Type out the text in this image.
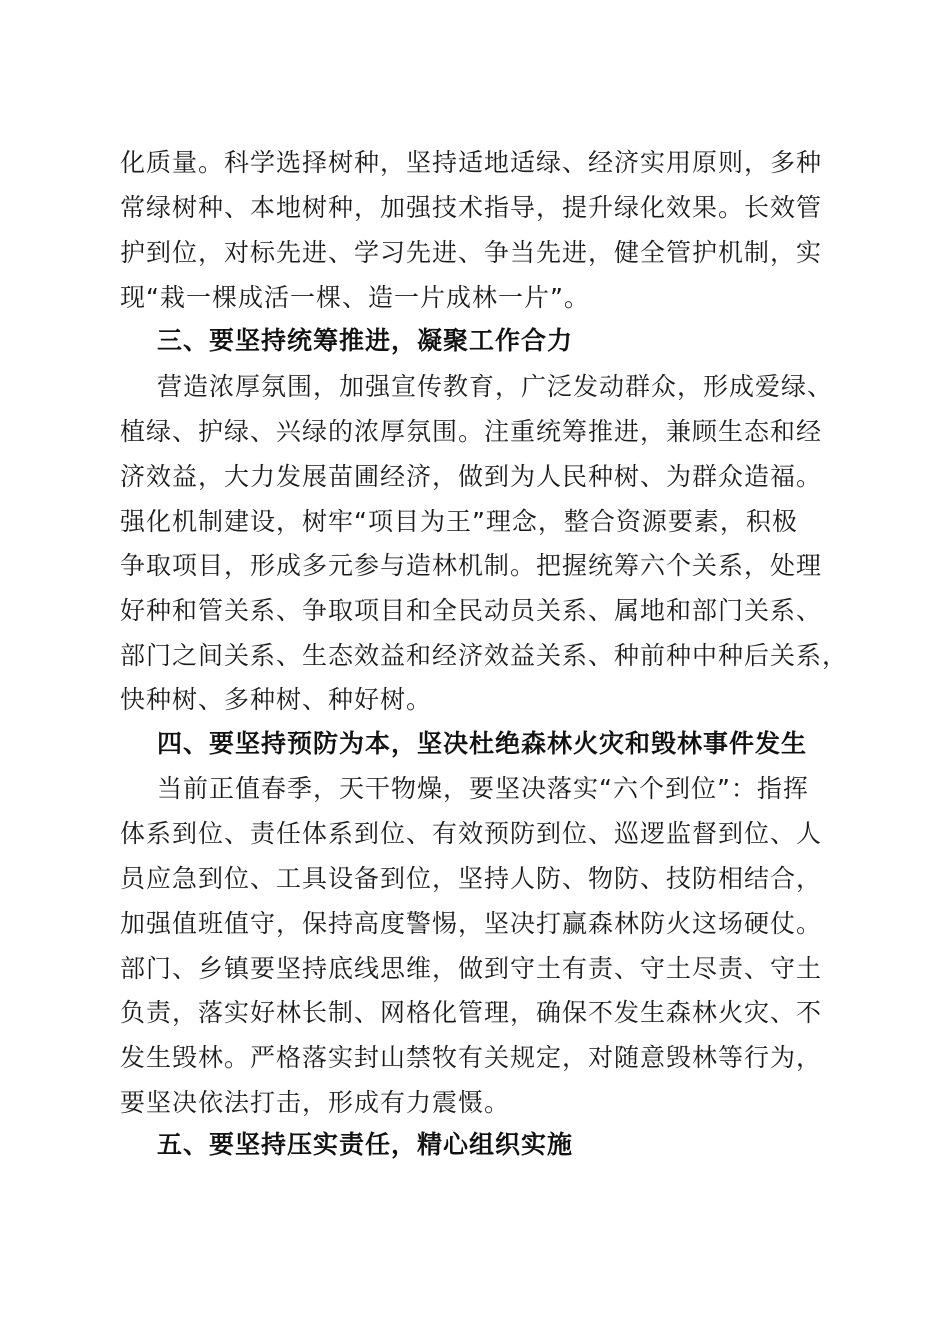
化质量。科学选择树种，坚持适地适绿、经济实用原则，多种
常绿树种、本地树种，加强技术指导，提升绿化效果。长效管
护到位，对标先进、学习先进、争当先进，健全管护机制，实
现“栽一棵成活一棵、造一片成林一片”。
三、要坚持统筹推进，凝聚工作合力
营造浓厚氛围，加强宣传教育，广泛发动群众，形成爱绿、
植绿、护绿、兴绿的浓厚氛围。注重统筹推进，兼顾生态和经
济效益，大力发展苗圃经济，做到为人民种树、为群众造福。
强化机制建设，树牢“项目为王”理念，整合资源要素，积极
争取项目，形成多元参与造林机制。把握统筹六个关系，处理
好种和管关系、争取项目和全民动员关系、属地和部门关系、
部门之间关系、生态效益和经济效益关系、种前种中种后关系，
快种树、多种树、种好树。
四、要坚持预防为本，坚决杜绝森林火灾和毁林事件发生
当前正值春季，天干物燥，要坚决落实“六个到位”：指挥
体系到位、责任体系到位、有效预防到位、巡逻监督到位、人
员应急到位、工具设备到位，坚持人防、物防、技防相结合，
加强值班值守，保持高度警惕，坚决打赢森林防火这场硬仗。
部门、乡镇要坚持底线思维，做到守土有责、守土尽责、守土
负责，落实好林长制、网格化管理，确保不发生森林火灾、不
发生毁林。严格落实封山禁牧有关规定，对随意毁林等行为，
要坚决依法打击，形成有力震慑。
五、要坚持压实责任，精心组织实施
